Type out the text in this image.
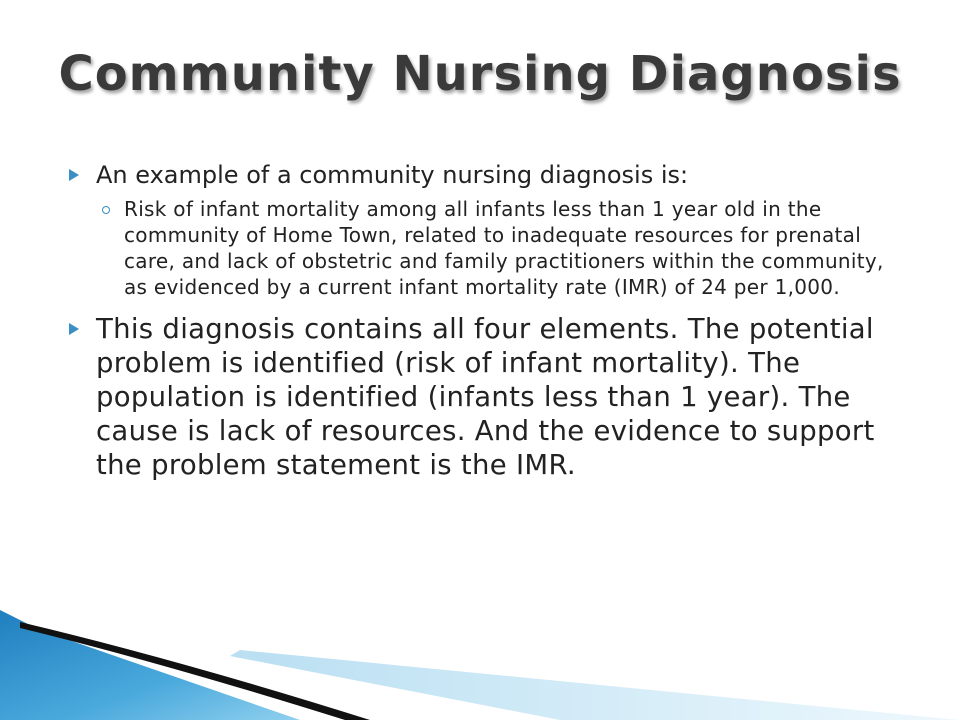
Community Nursing Diagnosis
An example of a community nursing diagnosis is:
Risk of infant mortality among all infants less than 1 year old in the community of Home Town, related to inadequate resources for prenatal care, and lack of obstetric and family practitioners within the community, as evidenced by a current infant mortality rate (IMR) of 24 per 1,000.
This diagnosis contains all four elements. The potential problem is identified (risk of infant mortality). The population is identified (infants less than 1 year). The cause is lack of resources. And the evidence to support the problem statement is the IMR.
